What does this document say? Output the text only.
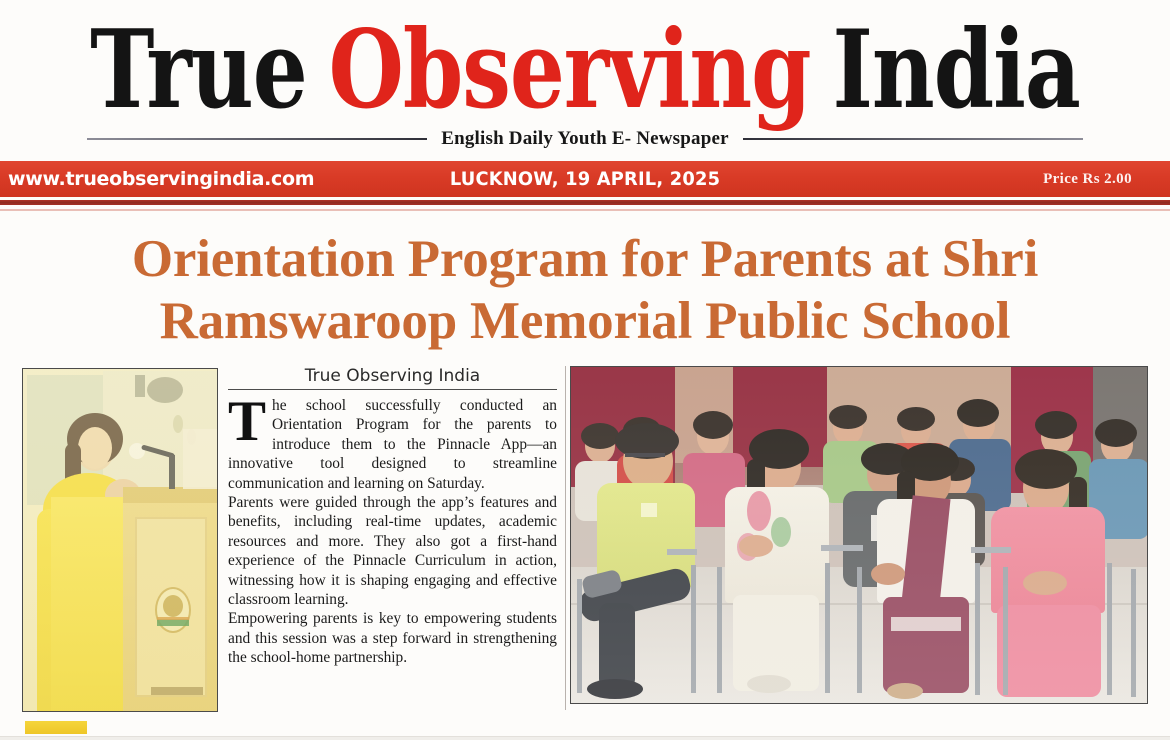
True Observing India
English Daily Youth E- Newspaper
www.trueobservingindia.com	LUCKNOW, 19 APRIL, 2025	Price Rs 2.00
Orientation Program for Parents at Shri
Ramswaroop Memorial Public School
True Observing India

The school successfully conducted an Orientation Program for the parents to introduce them to the Pinnacle App—an innovative tool designed to streamline communication and learning on Saturday.

Parents were guided through the app’s features and benefits, including real-time updates, academic resources and more. They also got a first-hand experience of the Pinnacle Curriculum in action, witnessing how it is shaping engaging and effective classroom learning.

Empowering parents is key to empowering students and this session was a step forward in strengthening the school-home partnership.
